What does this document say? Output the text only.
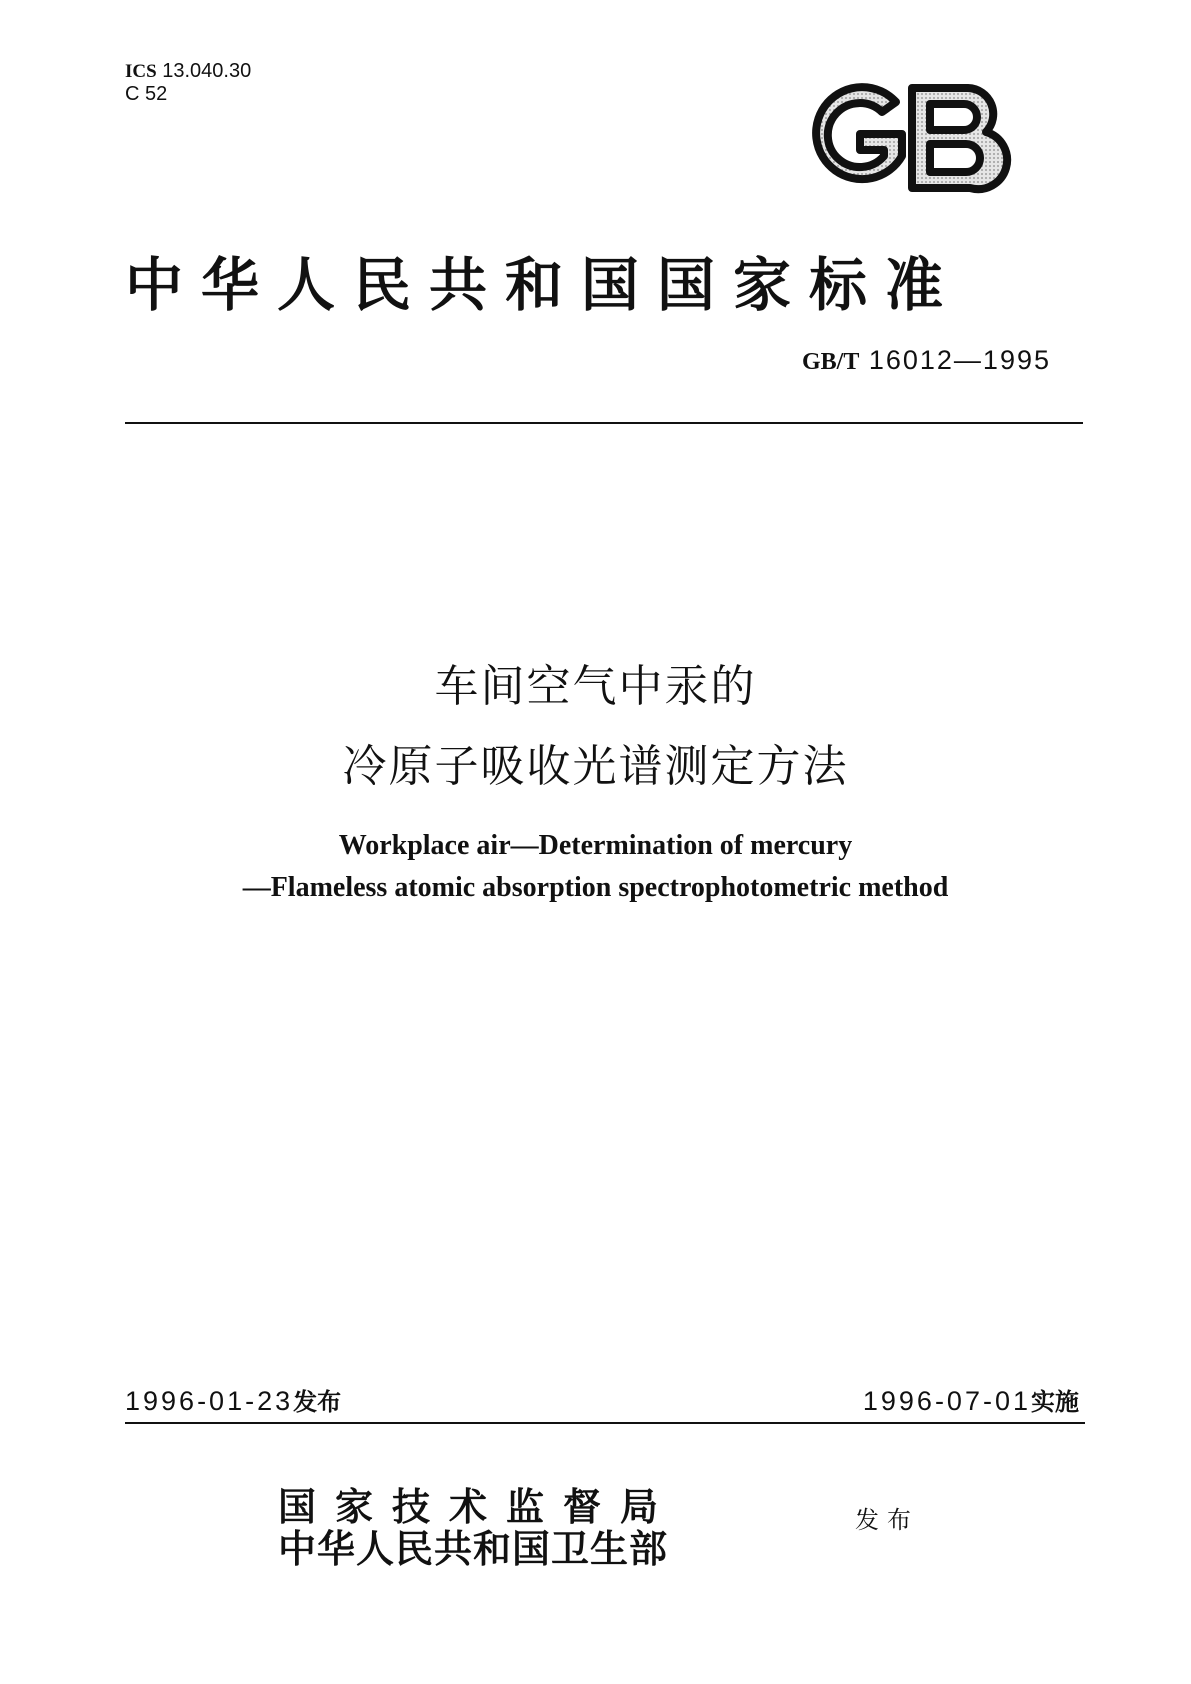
ICS 13.040.30
C 52
中华人民共和国国家标准
GB/T 16012—1995
车间空气中汞的
冷原子吸收光谱测定方法
Workplace air—Determination of mercury
—Flameless atomic absorption spectrophotometric method
1996-01-23发布	1996-07-01实施
国家技术监督局
中华人民共和国卫生部
发布
